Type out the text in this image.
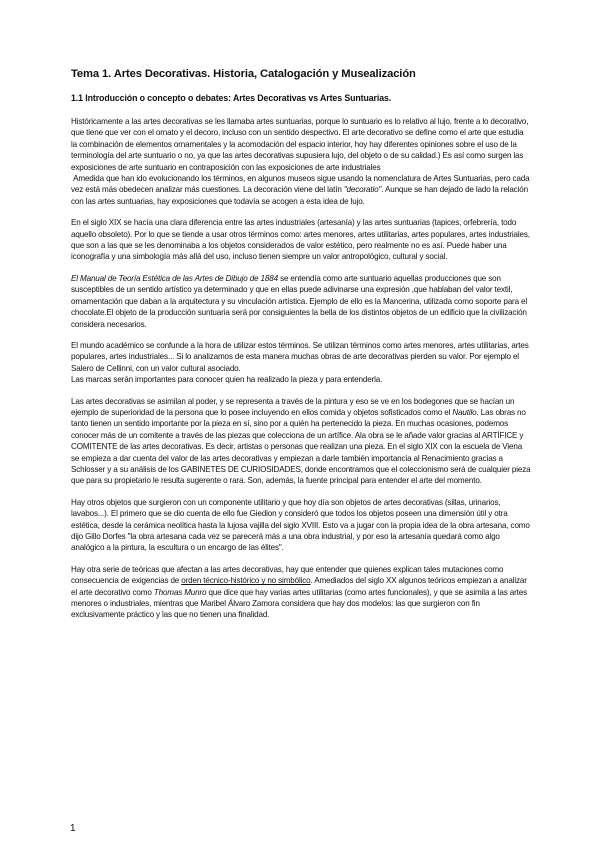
Tema 1. Artes Decorativas. Historia, Catalogación y Musealización
1.1 Introducción o concepto o debates: Artes Decorativas vs Artes Suntuarias.

Históricamente a las artes decorativas se les llamaba artes suntuarias, porque lo suntuario es lo relativo al lujo, frente a lo decorativo, que tiene que ver con el ornato y el decoro, incluso con un sentido despectivo. El arte decorativo se define como el arte que estudia la combinación de elementos ornamentales y la acomodación del espacio interior, hoy hay diferentes opiniones sobre el uso de la terminología del arte suntuario o no, ya que las artes decorativas supusiera lujo, del objeto o de su calidad.) Es así como surgen las exposiciones de arte suntuario en contraposición con las exposiciones de arte industriales

Amedida que han ido evolucionando los términos, en algunos museos sigue usando la nomenclatura de Artes Suntuarias, pero cada vez está más obedecen analizar más cuestiones. La decoración viene del latín "decoratio". Aunque se han dejado de lado la relación con las artes suntuarias, hay exposiciones que todavía se acogen a esta idea de lujo.

En el siglo XIX se hacía una clara diferencia entre las artes industriales (artesanía) y las artes suntuarias (tapices, orfebrería, todo aquello obsoleto). Por lo que se tiende a usar otros términos como: artes menores, artes utilitarias, artes populares, artes industriales, que son a las que se les denominaba a los objetos considerados de valor estético, pero realmente no es así. Puede haber una iconografía y una simbología más allá del uso, incluso tienen siempre un valor antropológico, cultural y social.

El Manual de Teoría Estética de las Artes de Dibujo de 1884 se entendía como arte suntuario aquellas producciones que son susceptibles de un sentido artístico ya determinado y que en ellas puede adivinarse una expresión ,que hablaban del valor textil, ornamentación que daban a la arquitectura y su vinculación artística. Ejemplo de ello es la Mancerina, utilizada como soporte para el chocolate.El objeto de la producción suntuaria será por consiguientes la bella de los distintos objetos de un edificio que la civilización considera necesarios.

El mundo académico se confunde a la hora de utilizar estos términos. Se utilizan términos como artes menores, artes utilitarias, artes populares, artes industriales... Si lo analizamos de esta manera muchas obras de arte decorativas pierden su valor. Por ejemplo el Salero de Cellinni, con un valor cultural asociado.

Las marcas serán importantes para conocer quien ha realizado la pieza y para entenderla.

Las artes decorativas se asimilan al poder, y se representa a través de la pintura y eso se ve en los bodegones que se hacían un ejemplo de superioridad de la persona que lo posee incluyendo en ellos comida y objetos sofisticados como el Nautilo. Las obras no tanto tienen un sentido importante por la pieza en sí, sino por a quién ha pertenecido la pieza. En muchas ocasiones, podemos conocer más de un comitente a través de las piezas que colecciona de un artífice. Ala obra se le añade valor gracias al ARTÍFICE y COMITENTE de las artes decorativas. Es decir, artistas o personas que realizan una pieza. En el siglo XIX con la escuela de Viena se empieza a dar cuenta del valor de las artes decorativas y empiezan a darle también importancia al Renacimiento gracias a Schlosser y a su análisis de los GABINETES DE CURIOSIDADES, donde encontramos que el coleccionismo será de cualquier pieza que para su propietario le resulta sugerente o rara. Son, además, la fuente principal para entender el arte del momento.

Hay otros objetos que surgieron con un componente utilitario y que hoy día son objetos de artes decorativas (sillas, urinarios, lavabos...). El primero que se dio cuenta de ello fue Giedion y consideró que todos los objetos poseen una dimensión útil y otra estética, desde la cerámica neolítica hasta la lujosa vajilla del siglo XVIII. Esto va a jugar con la propia idea de la obra artesana, como dijo Gillo Dorfes "la obra artesana cada vez se parecerá más a una obra industrial, y por eso la artesanía quedará como algo analógico a la pintura, la escultura o un encargo de las élites".

Hay otra serie de teóricas que afectan a las artes decorativas, hay que entender que quienes explican tales mutaciones como consecuencia de exigencias de orden técnico-histórico y no simbólico. Amediados del siglo XX algunos teóricos empiezan a analizar el arte decorativo como Thomas Munro que dice que hay varias artes utilitarias (como artes funcionales), y que se asimila a las artes menores o industriales, mientras que Maribel Álvaro Zamora considera que hay dos modelos: las que surgieron con fin exclusivamente práctico y las que no tienen una finalidad.

1
